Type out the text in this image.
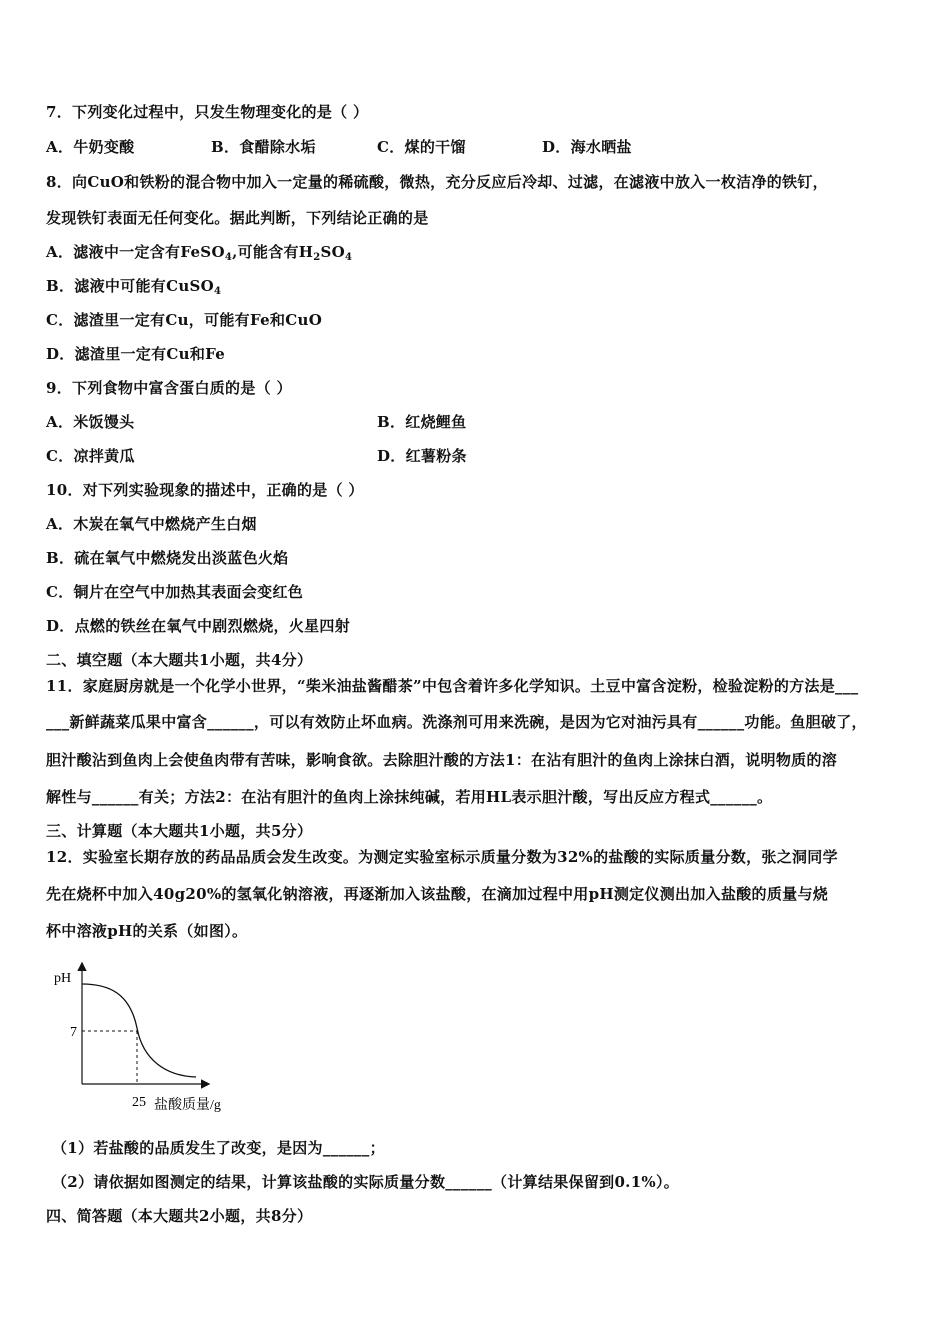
7．下列变化过程中，只发生物理变化的是（ ）
A．牛奶变酸	B．食醋除水垢	C．煤的干馏	D．海水晒盐
8．向CuO和铁粉的混合物中加入一定量的稀硫酸，微热，充分反应后冷却、过滤，在滤液中放入一枚洁净的铁钉，
发现铁钉表面无任何变化。据此判断，下列结论正确的是
A．滤液中一定含有FeSO$_4$,可能含有$H_2SO_4$
B．滤液中可能有CuSO$_4$
C．滤渣里一定有Cu，可能有Fe和CuO
D．滤渣里一定有Cu和Fe
9．下列食物中富含蛋白质的是（ ）
A．米饭馒头	B．红烧鲤鱼
C．凉拌黄瓜	D．红薯粉条
10．对下列实验现象的描述中，正确的是（ ）
A．木炭在氧气中燃烧产生白烟
B．硫在氧气中燃烧发出淡蓝色火焰
C．铜片在空气中加热其表面会变红色
D．点燃的铁丝在氧气中剧烈燃烧，火星四射
二、填空题（本大题共1小题，共4分）
11．家庭厨房就是一个化学小世界，“柴米油盐酱醋茶”中包含着许多化学知识。土豆中富含淀粉，检验淀粉的方法是___
___新鲜蔬菜瓜果中富含______，可以有效防止坏血病。洗涤剂可用来洗碗，是因为它对油污具有______功能。鱼胆破了，
胆汁酸沾到鱼肉上会使鱼肉带有苦味，影响食欲。去除胆汁酸的方法1：在沾有胆汁的鱼肉上涂抹白酒，说明物质的溶
解性与______有关；方法2：在沾有胆汁的鱼肉上涂抹纯碱，若用HL表示胆汁酸，写出反应方程式______。
三、计算题（本大题共1小题，共5分）
12．实验室长期存放的药品品质会发生改变。为测定实验室标示质量分数为32%的盐酸的实际质量分数，张之洞同学
先在烧杯中加入40g20%的氢氧化钠溶液，再逐渐加入该盐酸，在滴加过程中用pH测定仪测出加入盐酸的质量与烧
杯中溶液pH的关系（如图）。
pH
7
25 盐酸质量/g
（1）若盐酸的品质发生了改变，是因为______；
（2）请依据如图测定的结果，计算该盐酸的实际质量分数______（计算结果保留到0.1%）。
四、简答题（本大题共2小题，共8分）
